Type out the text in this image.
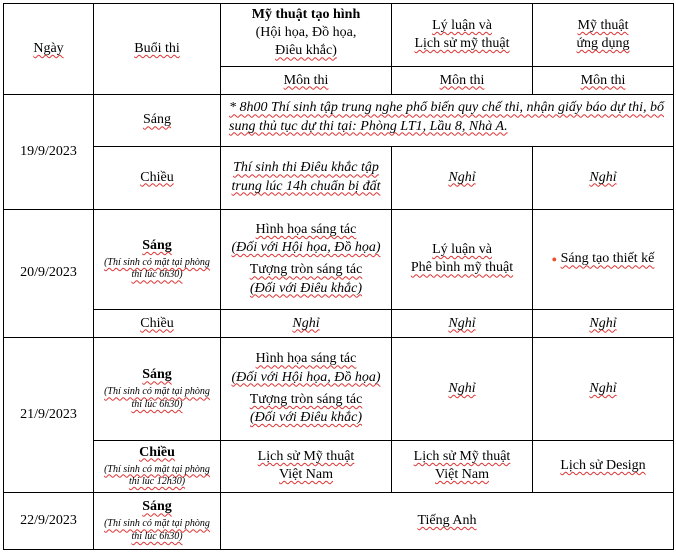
Ngày	Buổi thi	Mỹ thuật tạo hình
(Hội họa, Đồ họa,
Điêu khắc)	Lý luận và
Lịch sử mỹ thuật	Mỹ thuật
ứng dụng

		Môn thi	Môn thi	Môn thi
19/9/2023	Sáng	* 8h00 Thí sinh tập trung nghe phổ biến quy chế thi, nhận giấy báo dự thi, bổ sung thủ tục dự thi tại: Phòng LT1, Lầu 8, Nhà A.		
	Chiều	Thí sinh thi Điêu khắc tập trung lúc 14h chuẩn bị đất	Nghỉ	Nghỉ
20/9/2023	Sáng
(Thí sinh có mặt tại phòng thi lúc 6h30)	Hình họa sáng tác
(Đối với Hội họa, Đồ họa)
Tượng tròn sáng tác
(Đối với Điêu khắc)	Lý luận và
Phê bình mỹ thuật	● Sáng tạo thiết kế
	Chiều	Nghỉ	Nghỉ	Nghỉ
21/9/2023	Sáng
(Thí sinh có mặt tại phòng thi lúc 6h30)	Hình họa sáng tác
(Đối với Hội họa, Đồ họa)
Tượng tròn sáng tác
(Đối với Điêu khắc)	Nghỉ	Nghỉ

	Chiều
(Thí sinh có mặt tại phòng thi lúc 12h30)	Lịch sử Mỹ thuật
Việt Nam	Lịch sử Mỹ thuật
Việt Nam	Lịch sử Design
22/9/2023	Sáng
(Thí sinh có mặt tại phòng thi lúc 6h30)	Tiếng Anh		
